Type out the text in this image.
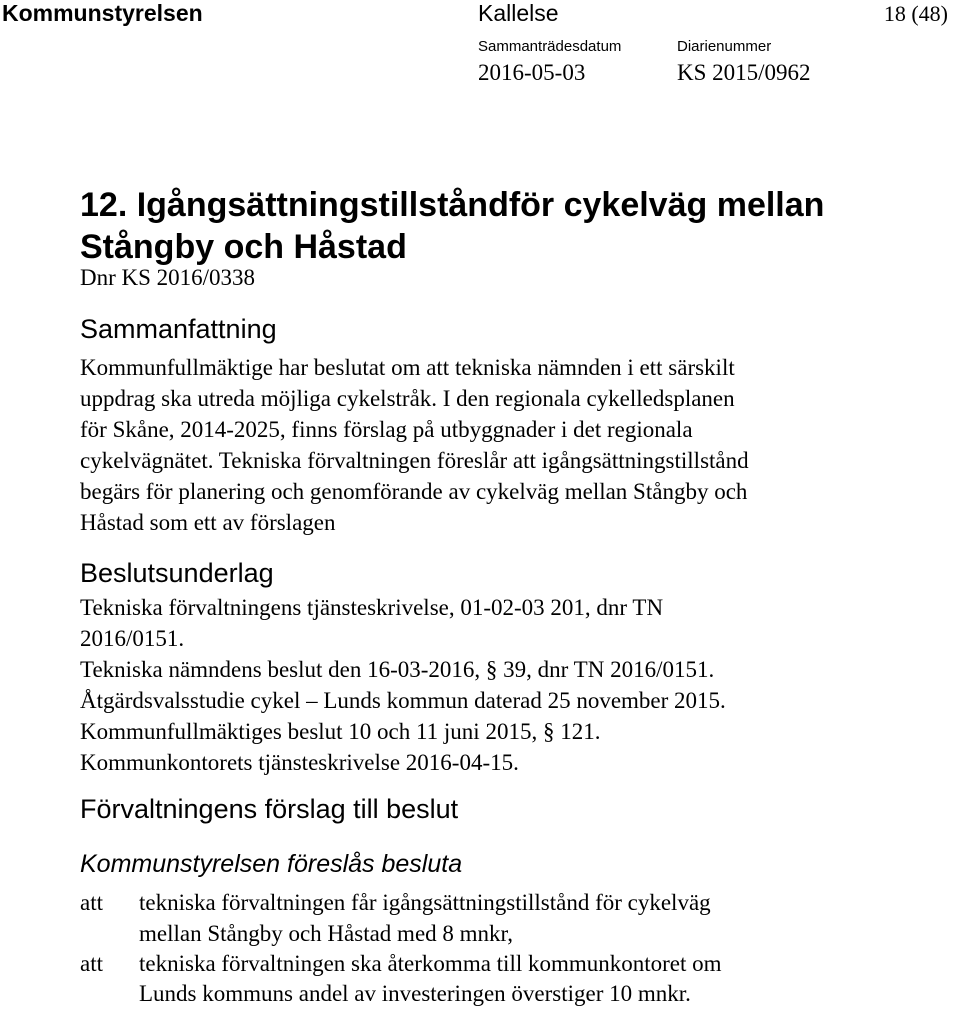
Kommunstyrelsen	Kallelse	18 (48)
Sammanträdesdatum	Diarienummer
2016-05-03	KS 2015/0962
12. Igångsättningstillståndför cykelväg mellan
Stångby och Håstad
Dnr KS 2016/0338
Sammanfattning
Kommunfullmäktige har beslutat om att tekniska nämnden i ett särskilt
uppdrag ska utreda möjliga cykelstråk. I den regionala cykelledsplanen
för Skåne, 2014-2025, finns förslag på utbyggnader i det regionala
cykelvägnätet. Tekniska förvaltningen föreslår att igångsättningstillstånd
begärs för planering och genomförande av cykelväg mellan Stångby och
Håstad som ett av förslagen
Beslutsunderlag
Tekniska förvaltningens tjänsteskrivelse, 01-02-03 201, dnr TN
2016/0151.
Tekniska nämndens beslut den 16-03-2016, § 39, dnr TN 2016/0151.
Åtgärdsvalsstudie cykel – Lunds kommun daterad 25 november 2015.
Kommunfullmäktiges beslut 10 och 11 juni 2015, § 121.
Kommunkontorets tjänsteskrivelse 2016-04-15.
Förvaltningens förslag till beslut
Kommunstyrelsen föreslås besluta
att tekniska förvaltningen får igångsättningstillstånd för cykelväg
mellan Stångby och Håstad med 8 mnkr,
att tekniska förvaltningen ska återkomma till kommunkontoret om
Lunds kommuns andel av investeringen överstiger 10 mnkr.
